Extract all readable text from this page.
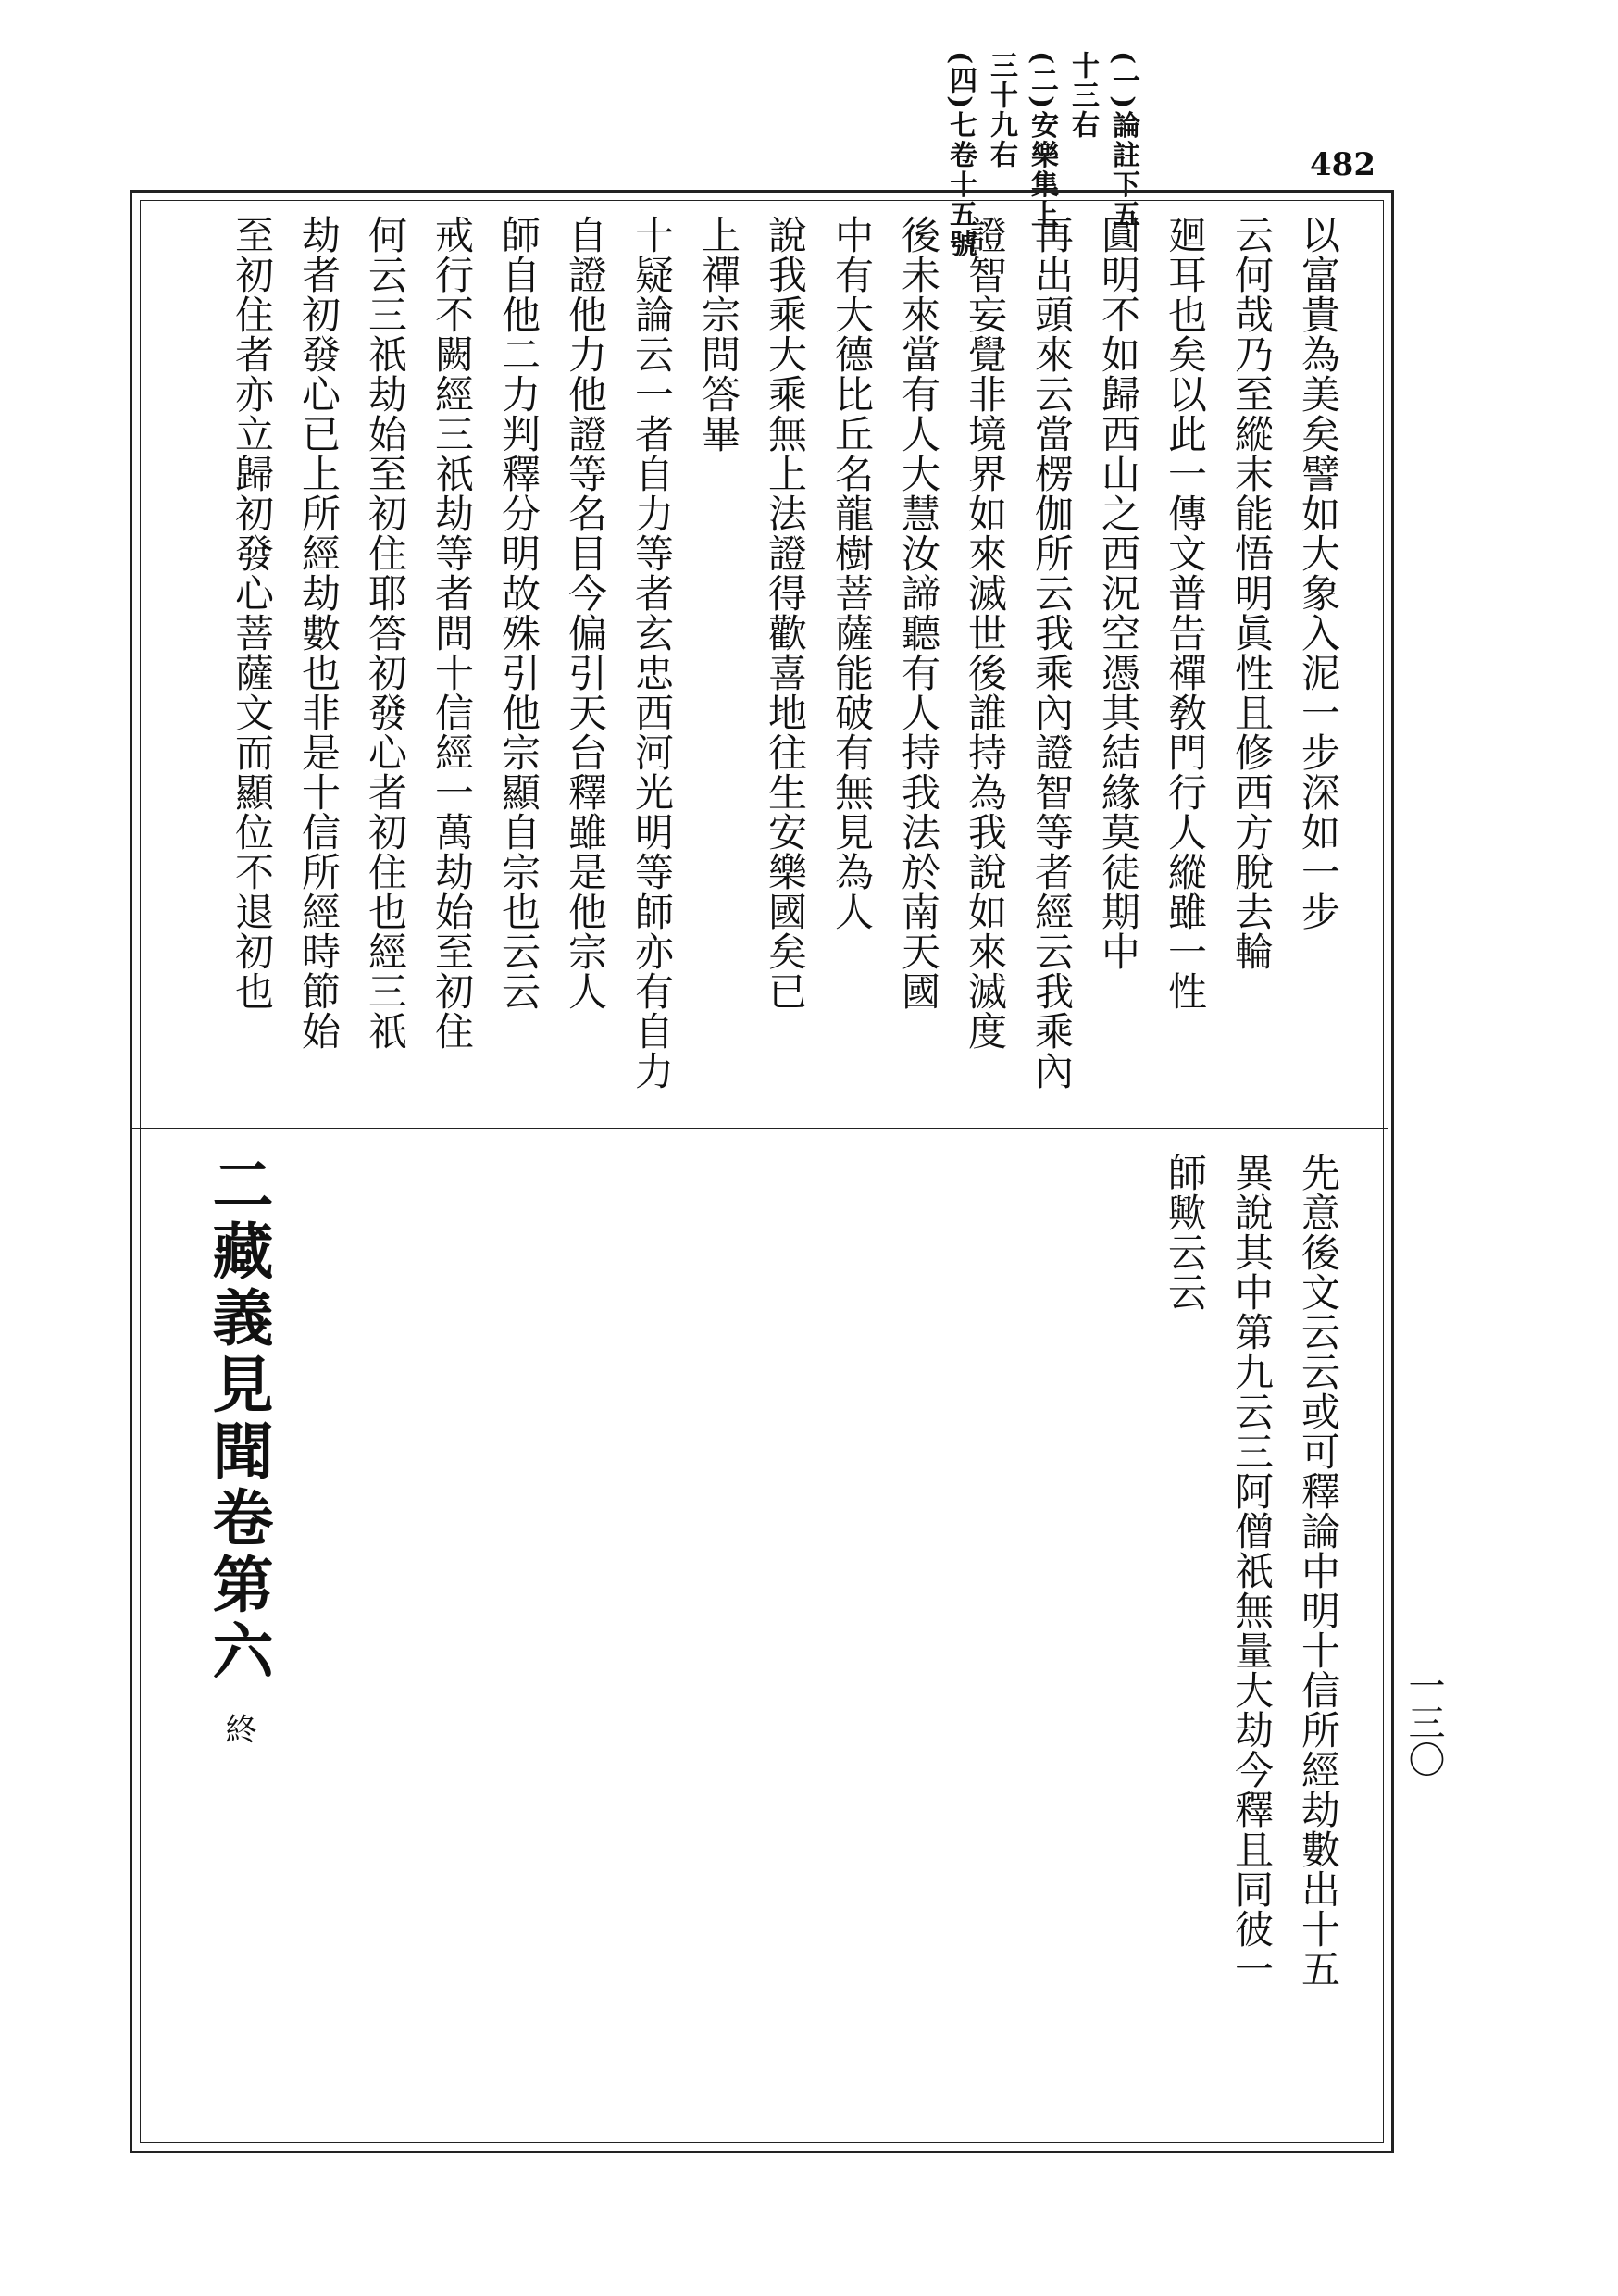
(一)論註下五
十三右
(二)安樂集上
三十九右
(四)七卷十五號	482
以富貴為美矣譬如大象入泥一步深如一步
云何哉乃至縱末能悟明眞性且修西方脫去輪
廻耳也矣以此一傳文普告禪敎門行人縱雖一性
圓明不如歸西山之西況空憑其結緣莫徒期中
再出頭來云當楞伽所云我乘內證智等者經云我乘內
證智妄覺非境界如來滅世後誰持為我說如來滅度
後未來當有人大慧汝諦聽有人持我法於南天國
中有大德比丘名龍樹菩薩能破有無見為人
說我乘大乘無上法證得歡喜地往生安樂國矣已
上禪宗問答畢
十疑論云一者自力等者玄忠西河光明等師亦有自力
自證他力他證等名目今偏引天台釋雖是他宗人
師自他二力判釋分明故殊引他宗顯自宗也云云
戒行不闕經三祇劫等者問十信經一萬劫始至初住
何云三祇劫始至初住耶答初發心者初住也經三祇
劫者初發心已上所經劫數也非是十信所經時節始
至初住者亦立歸初發心菩薩文而顯位不退初也
先意後文云云或可釋論中明十信所經劫數出十五
異說其中第九云三阿僧祇無量大劫今釋且同彼一
師歟云云
二藏義見聞卷第六 終	一三〇
